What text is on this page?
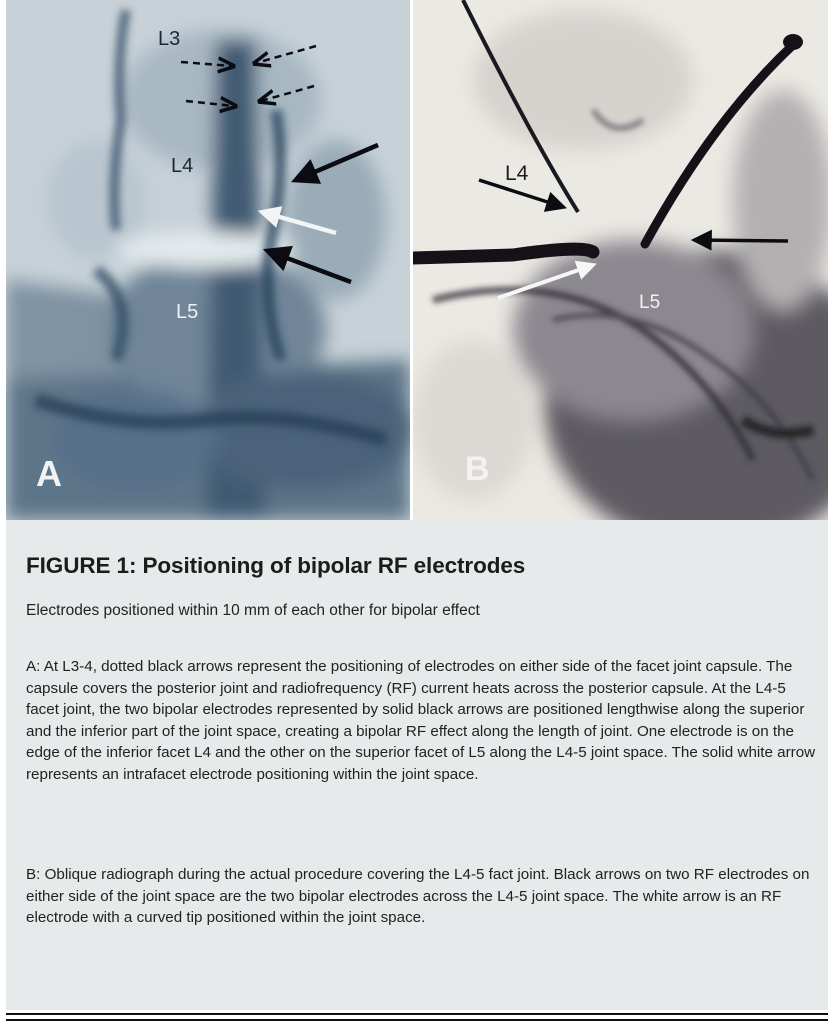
L3
L4
L5
A
L4
L5
B
FIGURE 1: Positioning of bipolar RF electrodes

Electrodes positioned within 10 mm of each other for bipolar effect

A: At L3-4, dotted black arrows represent the positioning of electrodes on either side of the facet joint capsule. The capsule covers the posterior joint and radiofrequency (RF) current heats across the posterior capsule. At the L4-5 facet joint, the two bipolar electrodes represented by solid black arrows are positioned lengthwise along the superior and the inferior part of the joint space, creating a bipolar RF effect along the length of joint. One electrode is on the edge of the inferior facet L4 and the other on the superior facet of L5 along the L4-5 joint space. The solid white arrow represents an intrafacet electrode positioning within the joint space.

B: Oblique radiograph during the actual procedure covering the L4-5 fact joint. Black arrows on two RF electrodes on either side of the joint space are the two bipolar electrodes across the L4-5 joint space. The white arrow is an RF electrode with a curved tip positioned within the joint space.
